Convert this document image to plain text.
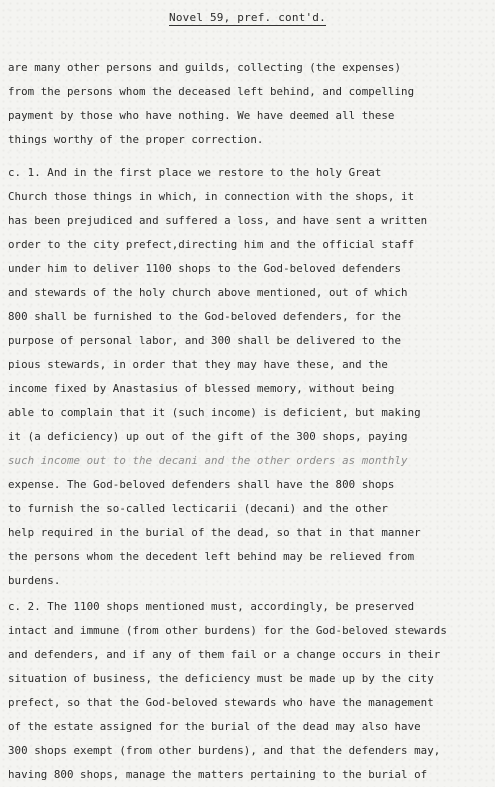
Novel 59, pref. cont'd.
are many other persons and guilds, collecting (the expenses)
from the persons whom the deceased left behind, and compelling
payment by those who have nothing. We have deemed all these
things worthy of the proper correction.
c. 1. And in the first place we restore to the holy Great
Church those things in which, in connection with the shops, it
has been prejudiced and suffered a loss, and have sent a written
order to the city prefect,directing him and the official staff
under him to deliver 1100 shops to the God-beloved defenders
and stewards of the holy church above mentioned, out of which
800 shall be furnished to the God-beloved defenders, for the
purpose of personal labor, and 300 shall be delivered to the
pious stewards, in order that they may have these, and the
income fixed by Anastasius of blessed memory, without being
able to complain that it (such income) is deficient, but making
it (a deficiency) up out of the gift of the 300 shops, paying
such income out to the decani and the other orders as monthly
expense. The God-beloved defenders shall have the 800 shops
to furnish the so-called lecticarii (decani) and the other
help required in the burial of the dead, so that in that manner
the persons whom the decedent left behind may be relieved from
burdens.
c. 2. The 1100 shops mentioned must, accordingly, be preserved
intact and immune (from other burdens) for the God-beloved stewards
and defenders, and if any of them fail or a change occurs in their
situation of business, the deficiency must be made up by the city
prefect, so that the God-beloved stewards who have the management
of the estate assigned for the burial of the dead may also have
300 shops exempt (from other burdens), and that the defenders may,
having 800 shops, manage the matters pertaining to the burial of
